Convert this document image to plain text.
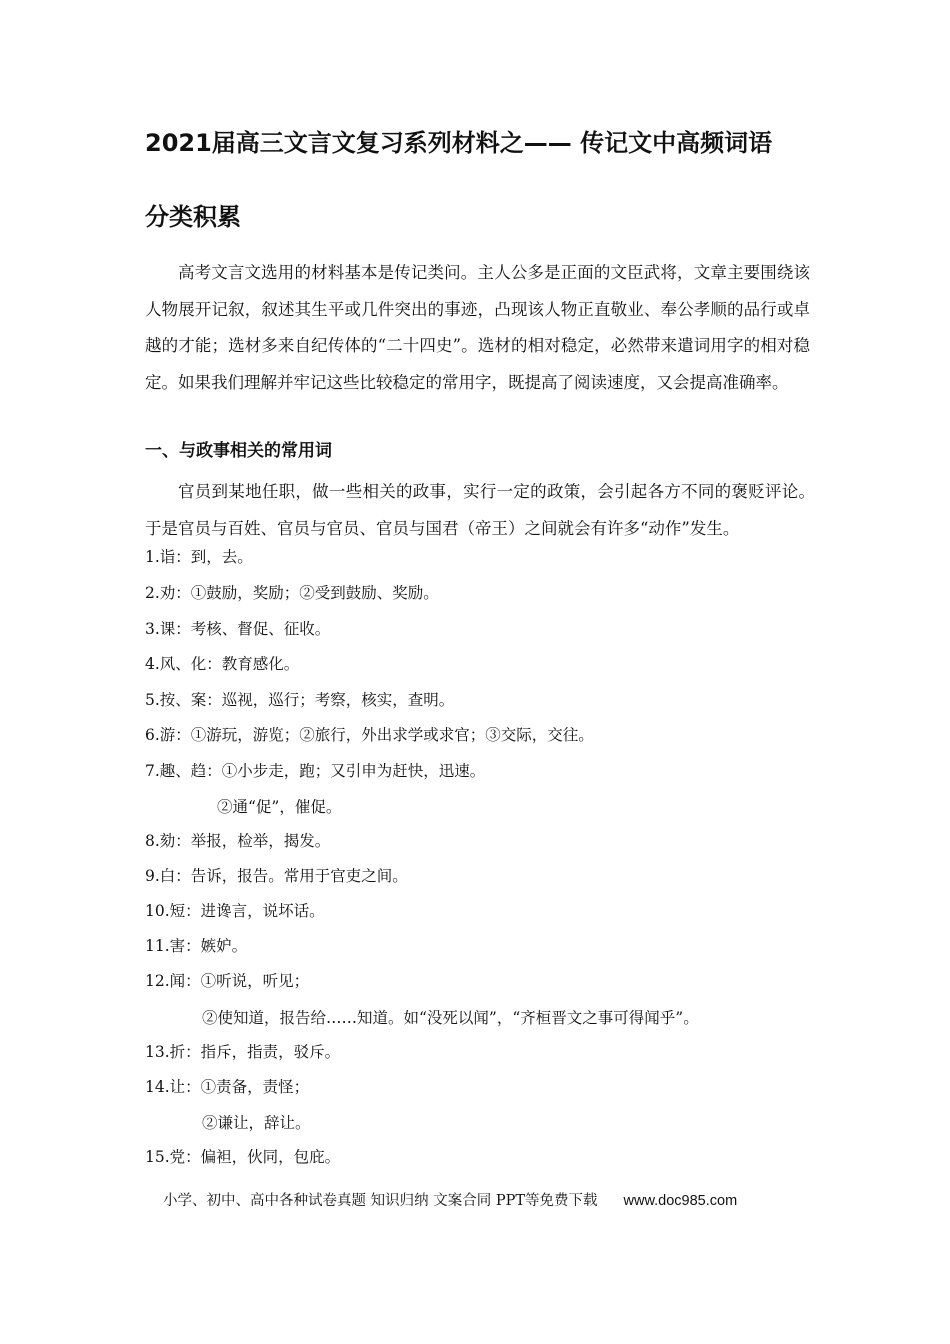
2021届高三文言文复习系列材料之—— 传记文中高频词语
分类积累

高考文言文选用的材料基本是传记类问。主人公多是正面的文臣武将，文章主要围绕该人物展开记叙，叙述其生平或几件突出的事迹，凸现该人物正直敬业、奉公孝顺的品行或卓越的才能；选材多来自纪传体的“二十四史”。选材的相对稳定，必然带来遣词用字的相对稳定。如果我们理解并牢记这些比较稳定的常用字，既提高了阅读速度，又会提高准确率。

一、与政事相关的常用词

官员到某地任职，做一些相关的政事，实行一定的政策，会引起各方不同的褒贬评论。于是官员与百姓、官员与官员、官员与国君（帝王）之间就会有许多“动作”发生。

1.诣：到，去。
2.劝：①鼓励，奖励；②受到鼓励、奖励。
3.课：考核、督促、征收。
4.风、化：教育感化。
5.按、案：巡视，巡行；考察，核实，查明。
6.游：①游玩，游览；②旅行，外出求学或求官；③交际，交往。
7.趣、趋：①小步走，跑；又引申为赶快，迅速。
②通“促”，催促。
8.劾：举报，检举，揭发。
9.白：告诉，报告。常用于官吏之间。
10.短：进谗言，说坏话。
11.害：嫉妒。
12.闻：①听说，听见；
②使知道，报告给……知道。如“没死以闻”，“齐桓晋文之事可得闻乎”。
13.折：指斥，指责，驳斥。
14.让：①责备，责怪；
②谦让，辞让。
15.党：偏袒，伙同，包庇。
小学、初中、高中各种试卷真题 知识归纳 文案合同 PPT等免费下载 www.doc985.com
